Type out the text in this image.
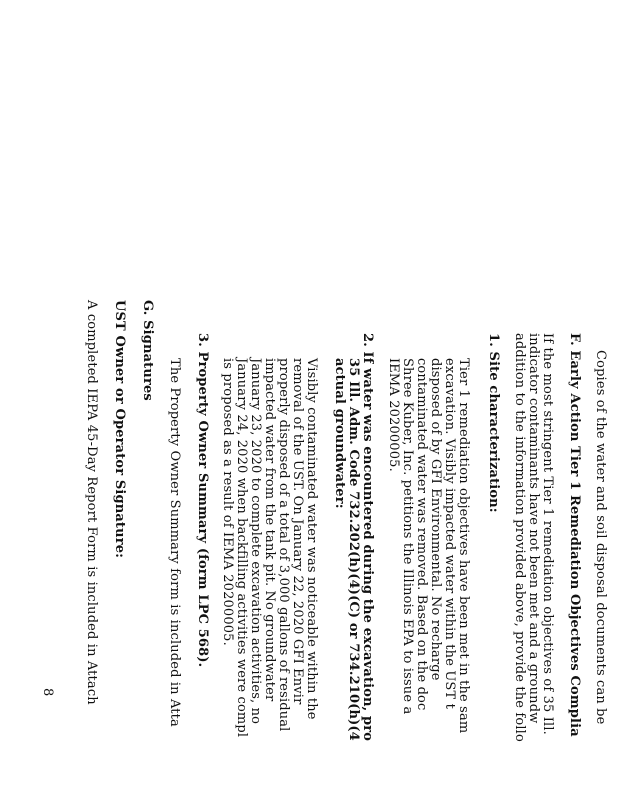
Copies of the water and soil disposal documents can be
F. Early Action Tier 1 Remediation Objectives Complia
If the most stringent Tier 1 remediation objectives of 35 Ill.
indicator contaminants have not been met and a groundw
addition to the information provided above, provide the follo
1. Site characterization:
Tier 1 remediation objectives have been met in the sam
excavation. Visibly impacted water within the UST t
disposed of by GFI Environmental. No recharge
contaminated water was removed. Based on the doc
Shree Kuber, Inc. petitions the Illinois EPA to issue a
IEMA 20200005.
2. If water was encountered during the excavation, pro
35 Ill. Adm. Code 732.202(h)(4)(C) or 734.210(h)(4
actual groundwater:
Visibly contaminated water was noticeable within the
removal of the UST. On January 22, 2020 GFI Envir
properly disposed of a total of 3,000 gallons of residual
impacted water from the tank pit. No groundwater
January 23, 2020 to complete excavation activities, no
January 24, 2020 when backfilling activities were compl
is proposed as a result of IEMA 20200005.
3. Property Owner Summary (form LPC 568).
The Property Owner Summary form is included in Atta
G. Signatures
UST Owner or Operator Signature:
A completed IEPA 45-Day Report Form is included in Attach
8
